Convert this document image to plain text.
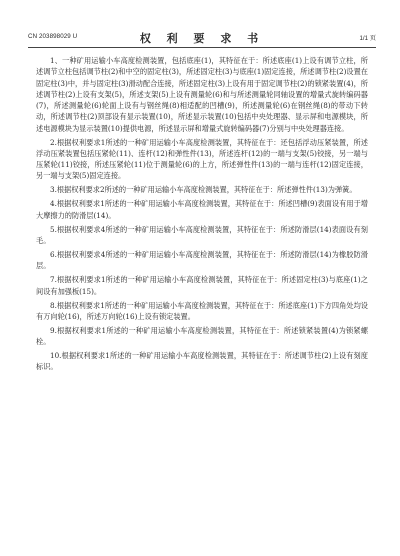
CN 203898029 U	权 利 要 求 书	1/1 页

1、一种矿用运输小车高度检测装置，包括底座(1)，其特征在于：所述底座(1)上设有调节立柱，所述调节立柱包括调节柱(2)和中空的固定柱(3)，所述固定柱(3)与底座(1)固定连接，所述调节柱(2)设置在固定柱(3)中，并与固定柱(3)滑动配合连接，所述固定柱(3)上设有用于固定调节柱(2)的锁紧装置(4)，所述调节柱(2)上设有支架(5)，所述支架(5)上设有测量轮(6)和与所述测量轮同轴设置的增量式旋转编码器(7)，所述测量轮(6)轮面上设有与钢丝绳(8)相适配的凹槽(9)，所述测量轮(6)在钢丝绳(8)的带动下转动，所述调节柱(2)顶部设有显示装置(10)，所述显示装置(10)包括中央处理器、显示屏和电源模块，所述电源模块为显示装置(10)提供电源，所述显示屏和增量式旋转编码器(7)分别与中央处理器连接。

2.根据权利要求1所述的一种矿用运输小车高度检测装置，其特征在于：还包括浮动压紧装置，所述浮动压紧装置包括压紧轮(11)、连杆(12)和弹性件(13)，所述连杆(12)的一端与支架(5)铰接，另一端与压紧轮(11)铰接，所述压紧轮(11)位于测量轮(6)的上方，所述弹性件(13)的一端与连杆(12)固定连接，另一端与支架(5)固定连接。

3.根据权利要求2所述的一种矿用运输小车高度检测装置，其特征在于：所述弹性件(13)为弹簧。

4.根据权利要求1所述的一种矿用运输小车高度检测装置，其特征在于：所述凹槽(9)表面设有用于增大摩擦力的防滑层(14)。

5.根据权利要求4所述的一种矿用运输小车高度检测装置，其特征在于：所述防滑层(14)表面设有刻毛。

6.根据权利要求4所述的一种矿用运输小车高度检测装置，其特征在于：所述防滑层(14)为橡胶防滑层。

7.根据权利要求1所述的一种矿用运输小车高度检测装置，其特征在于：所述固定柱(3)与底座(1)之间设有加强板(15)。

8.根据权利要求1所述的一种矿用运输小车高度检测装置，其特征在于：所述底座(1)下方四角处均设有万向轮(16)，所述万向轮(16)上设有锁定装置。

9.根据权利要求1所述的一种矿用运输小车高度检测装置，其特征在于：所述锁紧装置(4)为锁紧螺栓。

10.根据权利要求1所述的一种矿用运输小车高度检测装置，其特征在于：所述调节柱(2)上设有刻度标识。
